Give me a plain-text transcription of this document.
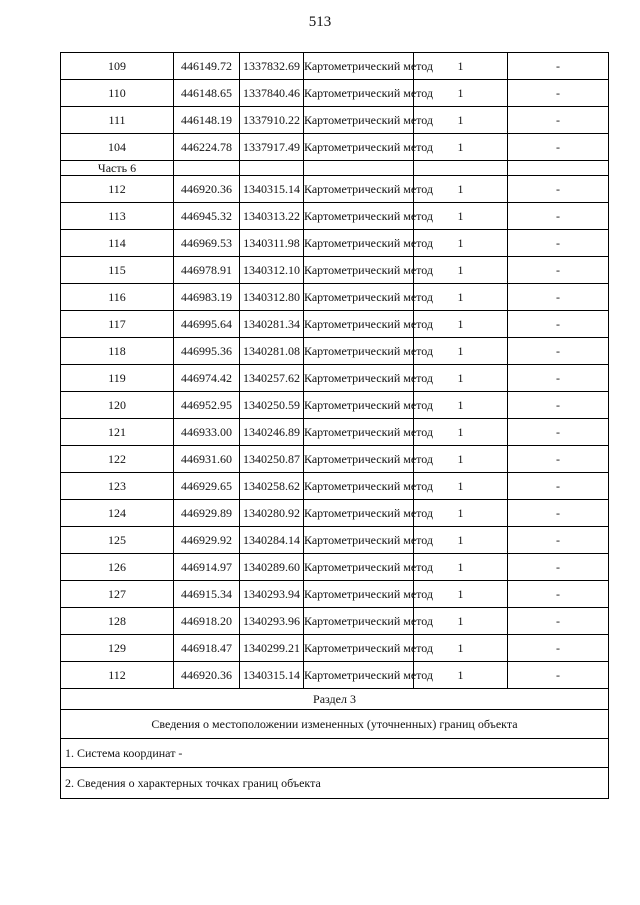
513
109	446149.72	1337832.69	Картометрический метод	1	-
110	446148.65	1337840.46	Картометрический метод	1	-
111	446148.19	1337910.22	Картометрический метод	1	-
104	446224.78	1337917.49	Картометрический метод	1	-
Часть 6					
112	446920.36	1340315.14	Картометрический метод	1	-
113	446945.32	1340313.22	Картометрический метод	1	-
114	446969.53	1340311.98	Картометрический метод	1	-
115	446978.91	1340312.10	Картометрический метод	1	-
116	446983.19	1340312.80	Картометрический метод	1	-
117	446995.64	1340281.34	Картометрический метод	1	-
118	446995.36	1340281.08	Картометрический метод	1	-
119	446974.42	1340257.62	Картометрический метод	1	-
120	446952.95	1340250.59	Картометрический метод	1	-
121	446933.00	1340246.89	Картометрический метод	1	-
122	446931.60	1340250.87	Картометрический метод	1	-
123	446929.65	1340258.62	Картометрический метод	1	-
124	446929.89	1340280.92	Картометрический метод	1	-
125	446929.92	1340284.14	Картометрический метод	1	-
126	446914.97	1340289.60	Картометрический метод	1	-
127	446915.34	1340293.94	Картометрический метод	1	-
128	446918.20	1340293.96	Картометрический метод	1	-
129	446918.47	1340299.21	Картометрический метод	1	-
112	446920.36	1340315.14	Картометрический метод	1	-
Раздел 3					
Сведения о местоположении измененных (уточненных) границ объекта					
1. Система координат -					
2. Сведения о характерных точках границ объекта					
